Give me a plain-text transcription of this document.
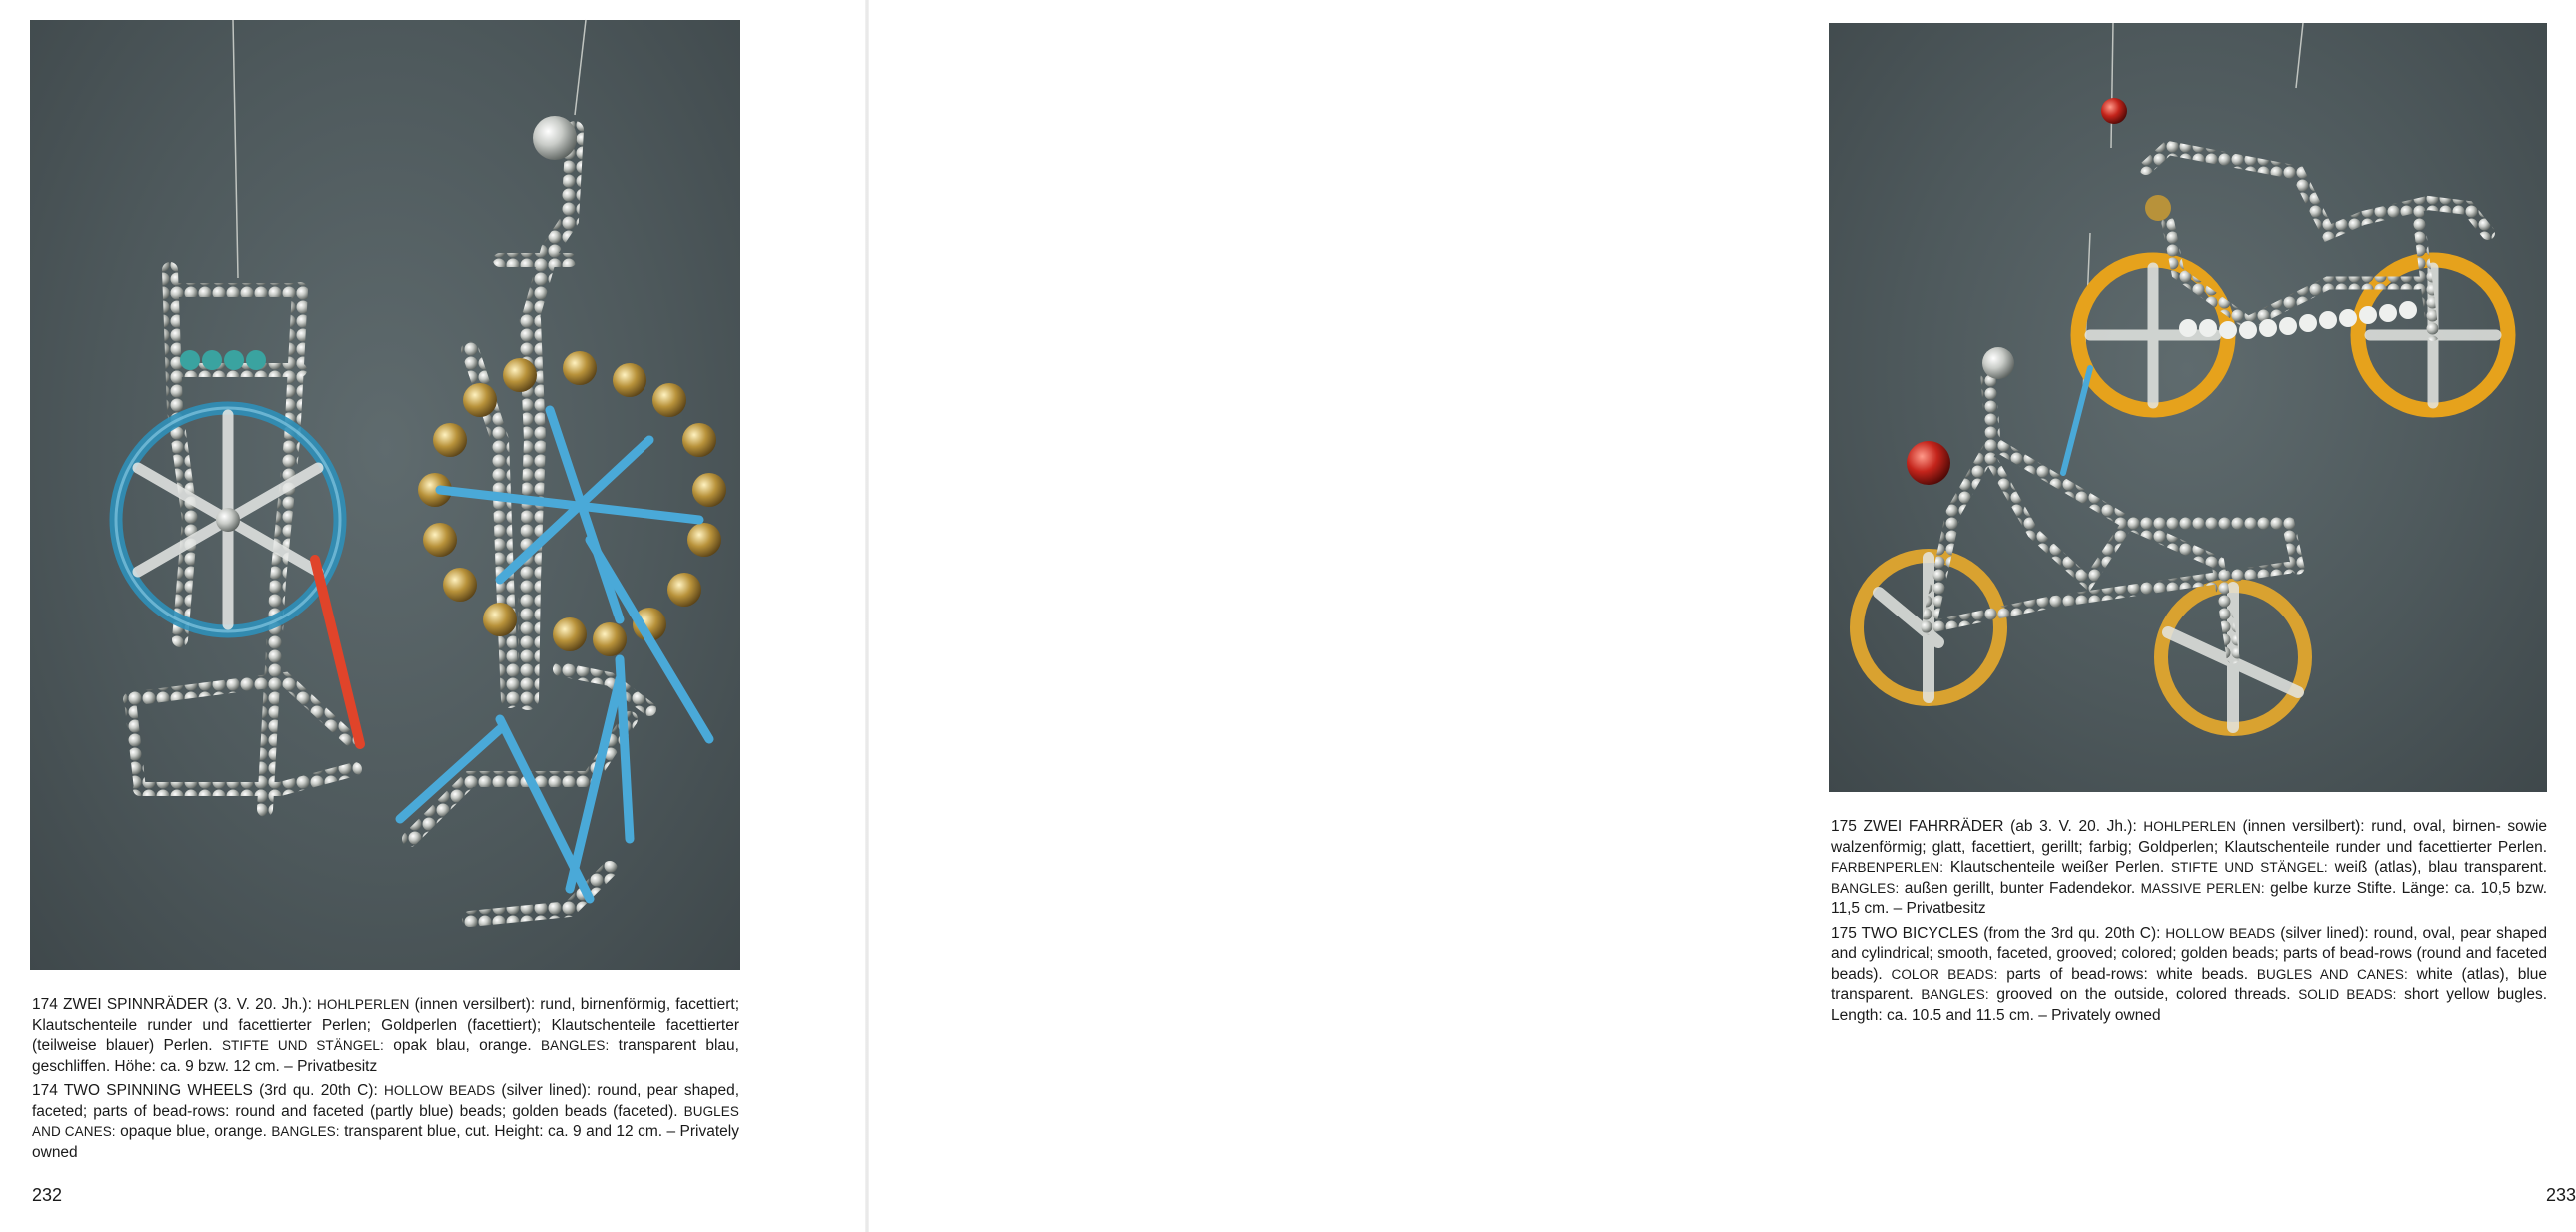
174 ZWEI SPINNRÄDER (3. V. 20. Jh.): HOHLPERLEN (innen versilbert): rund, birnenförmig, facettiert; Klautschenteile runder und facettierter Perlen; Goldperlen (facettiert); Klautschenteile facettierter (teilweise blauer) Perlen. STIFTE UND STÄNGEL: opak blau, orange. BANGLES: transparent blau, geschliffen. Höhe: ca. 9 bzw. 12 cm. – Privatbesitz

174 TWO SPINNING WHEELS (3rd qu. 20th C): HOLLOW BEADS (silver lined): round, pear shaped, faceted; parts of bead-rows: round and faceted (partly blue) beads; golden beads (faceted). BUGLES AND CANES: opaque blue, orange. BANGLES: transparent blue, cut. Height: ca. 9 and 12 cm. – Privately owned

232

175 ZWEI FAHRRÄDER (ab 3. V. 20. Jh.): HOHLPERLEN (innen versilbert): rund, oval, birnen- sowie walzenförmig; glatt, facettiert, gerillt; farbig; Goldperlen; Klautschenteile runder und facettierter Perlen. FARBENPERLEN: Klautschenteile weißer Perlen. STIFTE UND STÄNGEL: weiß (atlas), blau transparent. BANGLES: außen gerillt, bunter Fadendekor. MASSIVE PERLEN: gelbe kurze Stifte. Länge: ca. 10,5 bzw. 11,5 cm. – Privatbesitz

175 TWO BICYCLES (from the 3rd qu. 20th C): HOLLOW BEADS (silver lined): round, oval, pear shaped and cylindrical; smooth, faceted, grooved; colored; golden beads; parts of bead-rows (round and faceted beads). COLOR BEADS: parts of bead-rows: white beads. BUGLES AND CANES: white (atlas), blue transparent. BANGLES: grooved on the outside, colored threads. SOLID BEADS: short yellow bugles. Length: ca. 10.5 and 11.5 cm. – Privately owned

233
